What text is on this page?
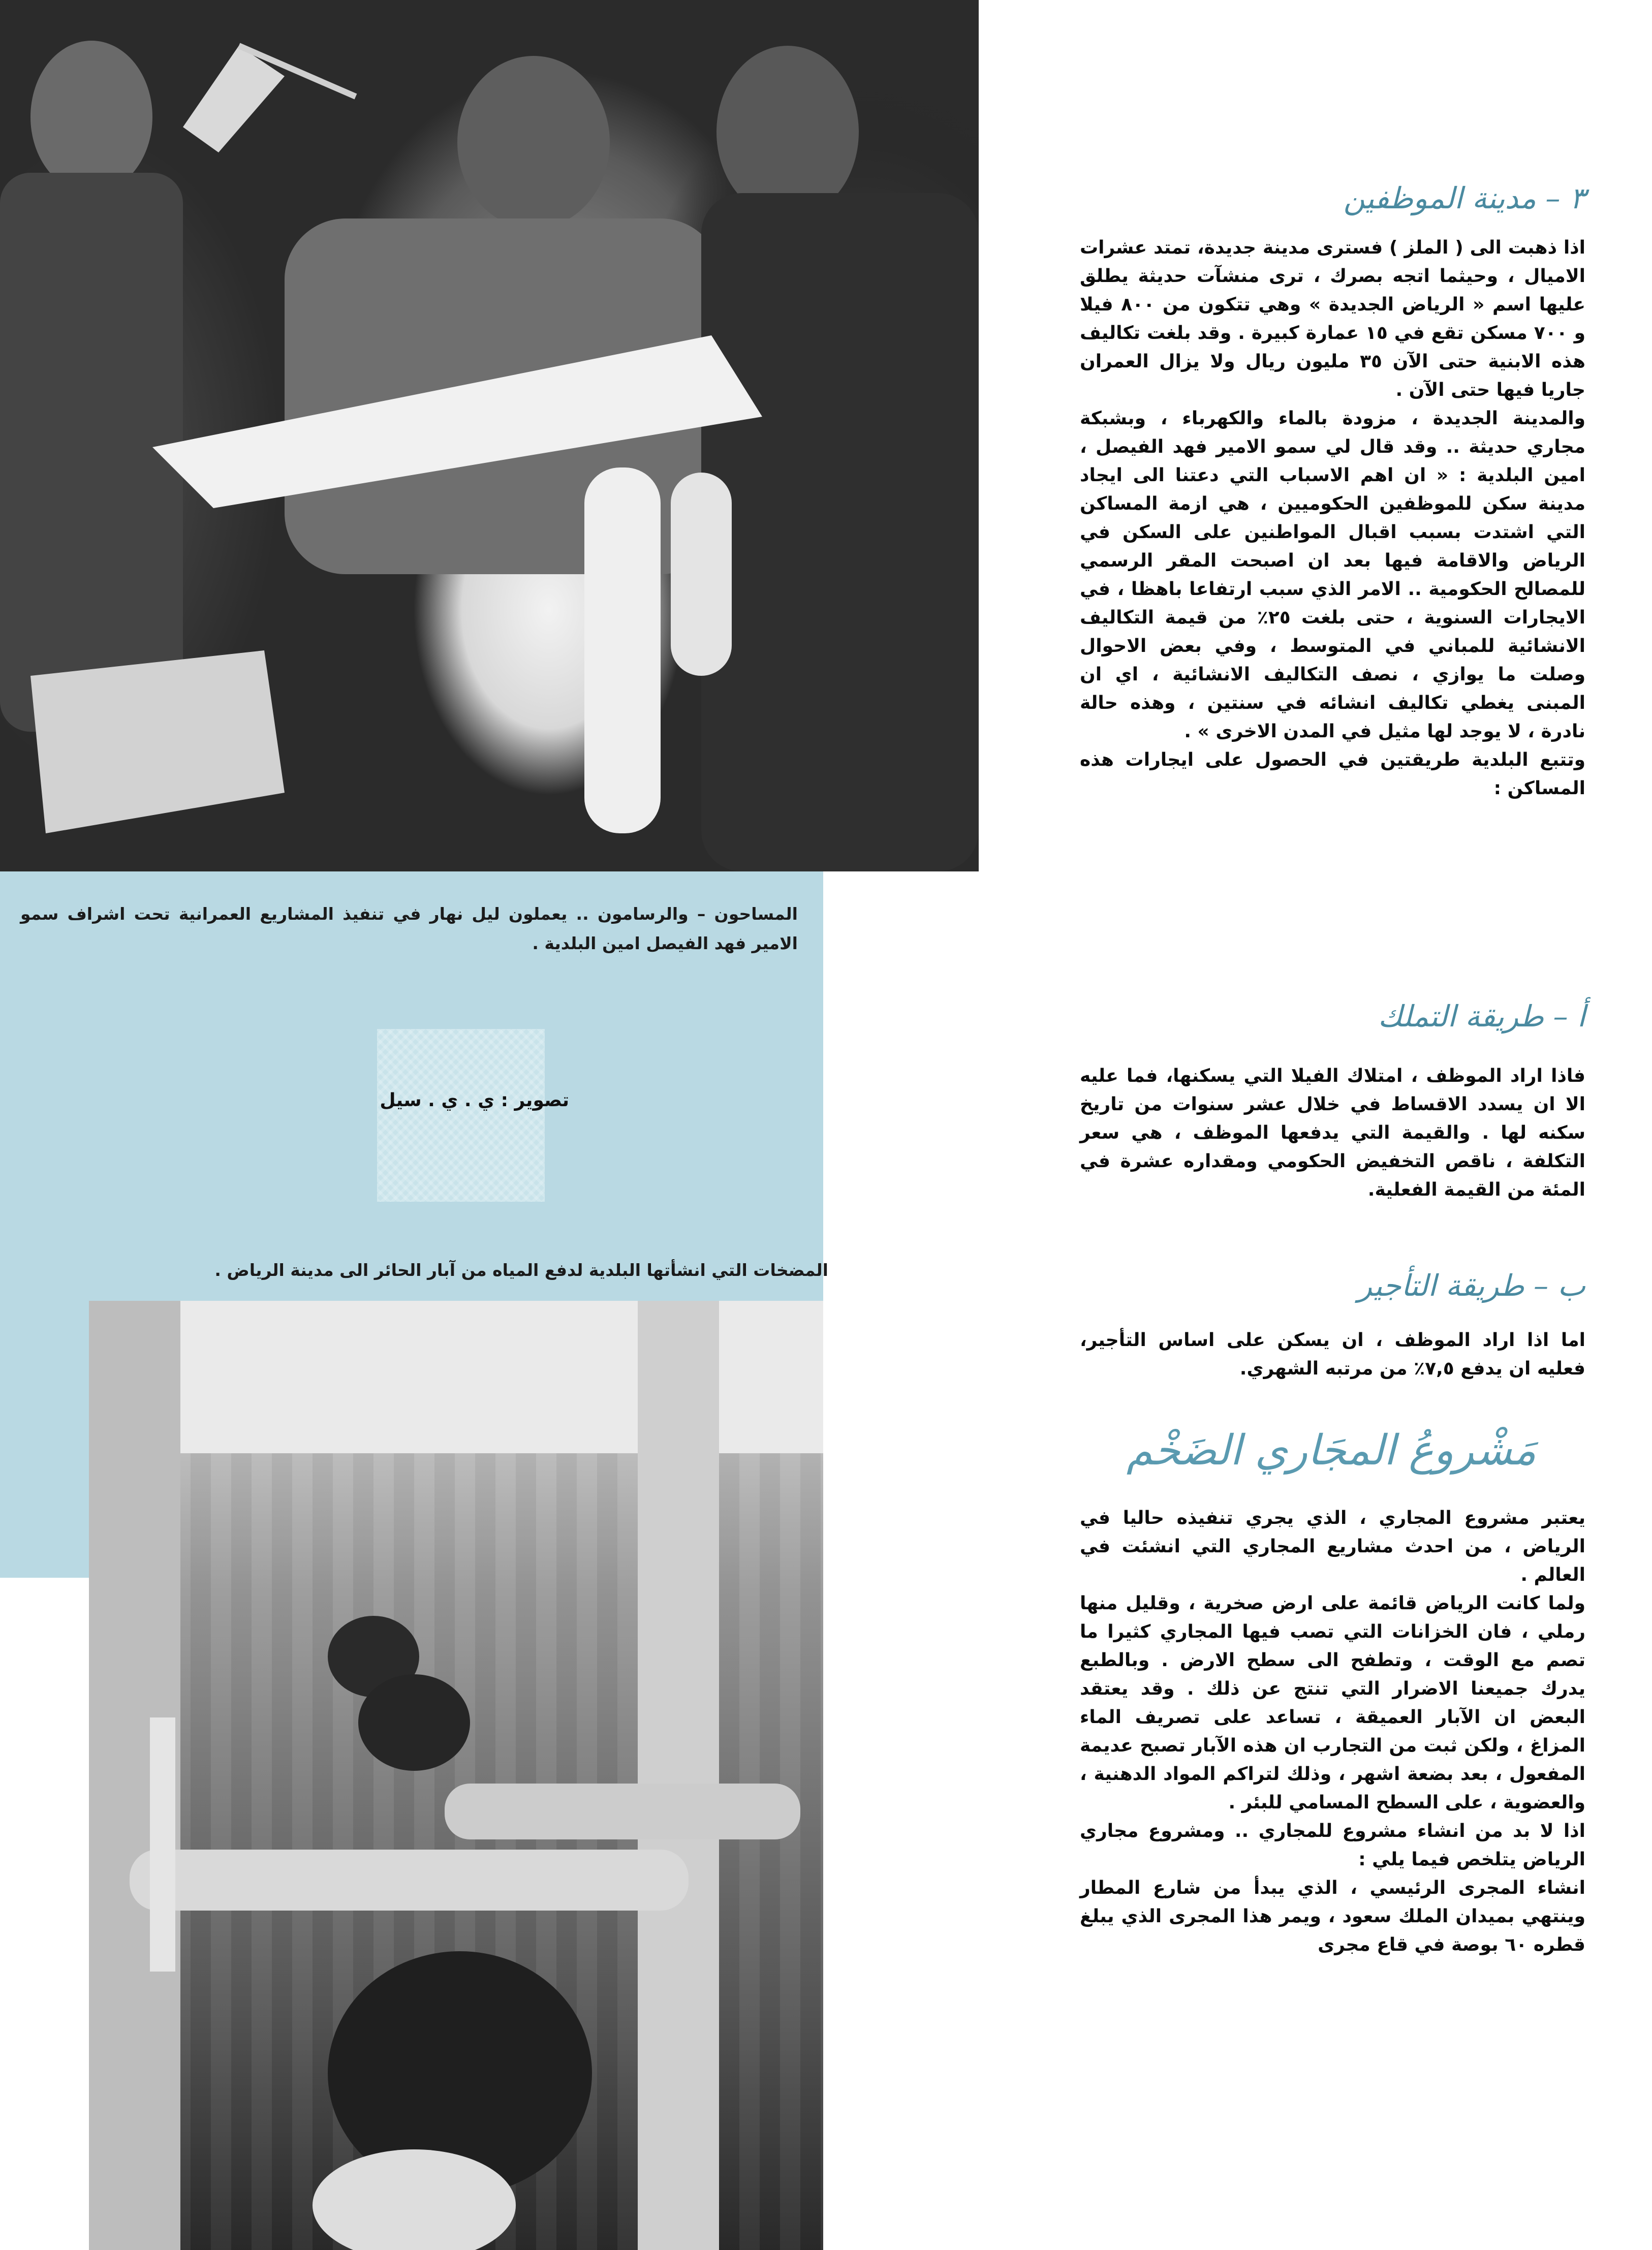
المساحون – والرسامون .. يعملون ليل نهار في تنفيذ المشاريع العمرانية تحت اشراف سمو الامير فهد الفيصل امين البلدية .
تصوير : ي . ي . سيل
المضخات التي انشأتها البلدية لدفع المياه من آبار الحائر الى مدينة الرياض .
٣ – مدينة الموظفين

اذا ذهبت الى ( الملز ) فسترى مدينة جديدة، تمتد عشرات الاميال ، وحيثما اتجه بصرك ، ترى منشآت حديثة يطلق عليها اسم « الرياض الجديدة » وهي تتكون من ٨٠٠ فيلا و ٧٠٠ مسكن تقع في ١٥ عمارة كبيرة . وقد بلغت تكاليف هذه الابنية حتى الآن ٣٥ مليون ريال ولا يزال العمران جاريا فيها حتى الآن .

والمدينة الجديدة ، مزودة بالماء والكهرباء ، وبشبكة مجاري حديثة .. وقد قال لي سمو الامير فهد الفيصل ، امين البلدية : « ان اهم الاسباب التي دعتنا الى ايجاد مدينة سكن للموظفين الحكوميين ، هي ازمة المساكن التي اشتدت بسبب اقبال المواطنين على السكن في الرياض والاقامة فيها بعد ان اصبحت المقر الرسمي للمصالح الحكومية .. الامر الذي سبب ارتفاعا باهظا ، في الايجارات السنوية ، حتى بلغت ٢٥٪ من قيمة التكاليف الانشائية للمباني في المتوسط ، وفي بعض الاحوال وصلت ما يوازي ، نصف التكاليف الانشائية ، اي ان المبنى يغطي تكاليف انشائه في سنتين ، وهذه حالة نادرة ، لا يوجد لها مثيل في المدن الاخرى » .

وتتبع البلدية طريقتين في الحصول على ايجارات هذه المساكن :

أ – طريقة التملك

فاذا اراد الموظف ، امتلاك الفيلا التي يسكنها، فما عليه الا ان يسدد الاقساط في خلال عشر سنوات من تاريخ سكنه لها . والقيمة التي يدفعها الموظف ، هي سعر التكلفة ، ناقص التخفيض الحكومي ومقداره عشرة في المئة من القيمة الفعلية.

ب – طريقة التأجير

اما اذا اراد الموظف ، ان يسكن على اساس التأجير، فعليه ان يدفع ٧,٥٪ من مرتبه الشهري.

مَشْروعُ المجَاري الضَخْم

يعتبر مشروع المجاري ، الذي يجري تنفيذه حاليا في الرياض ، من احدث مشاريع المجاري التي انشئت في العالم .

ولما كانت الرياض قائمة على ارض صخرية ، وقليل منها رملي ، فان الخزانات التي تصب فيها المجاري كثيرا ما تصم مع الوقت ، وتطفح الى سطح الارض . وبالطبع يدرك جميعنا الاضرار التي تنتج عن ذلك . وقد يعتقد البعض ان الآبار العميقة ، تساعد على تصريف الماء المزاغ ، ولكن ثبت من التجارب ان هذه الآبار تصبح عديمة المفعول ، بعد بضعة اشهر ، وذلك لتراكم المواد الدهنية ، والعضوية ، على السطح المسامي للبئر .

اذا لا بد من انشاء مشروع للمجاري .. ومشروع مجاري الرياض يتلخص فيما يلي :

انشاء المجرى الرئيسي ، الذي يبدأ من شارع المطار وينتهي بميدان الملك سعود ، ويمر هذا المجرى الذي يبلغ قطره ٦٠ بوصة في قاع مجرى
